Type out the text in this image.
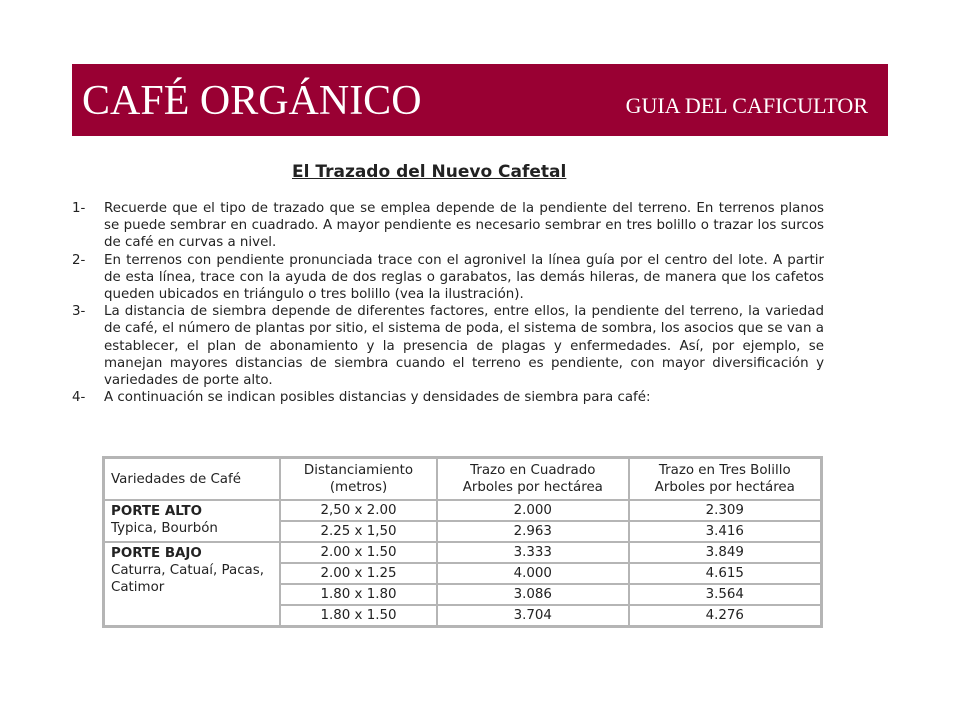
CAFÉ ORGÁNICO	GUIA DEL CAFICULTOR
El Trazado del Nuevo Cafetal
1-	Recuerde que el tipo de trazado que se emplea depende de la pendiente del terreno. En terrenos planos se puede sembrar en cuadrado. A mayor pendiente es necesario sembrar en tres bolillo o trazar los surcos de café en curvas a nivel.
2-	En terrenos con pendiente pronunciada trace con el agronivel la línea guía por el centro del lote. A partir de esta línea, trace con la ayuda de dos reglas o garabatos, las demás hileras, de manera que los cafetos queden ubicados en triángulo o tres bolillo (vea la ilustración).
3-	La distancia de siembra depende de diferentes factores, entre ellos, la pendiente del terreno, la variedad de café, el número de plantas por sitio, el sistema de poda, el sistema de sombra, los asocios que se van a establecer, el plan de abonamiento y la presencia de plagas y enfermedades. Así, por ejemplo, se manejan mayores distancias de siembra cuando el terreno es pendiente, con mayor diversificación y variedades de porte alto.
4-	A continuación se indican posibles distancias y densidades de siembra para café:
Variedades de Café	Distanciamiento (metros)	Trazo en Cuadrado Arboles por hectárea	Trazo en Tres Bolillo Arboles por hectárea

PORTE ALTO
Typica, Bourbón	2,50 x 2.00	2.000	2.309
	2.25 x 1,50	2.963	3.416

PORTE BAJO
Caturra, Catuaí, Pacas, Catimor	2.00 x 1.50	3.333	3.849
	2.00 x 1.25	4.000	4.615
	1.80 x 1.80	3.086	3.564
	1.80 x 1.50	3.704	4.276
